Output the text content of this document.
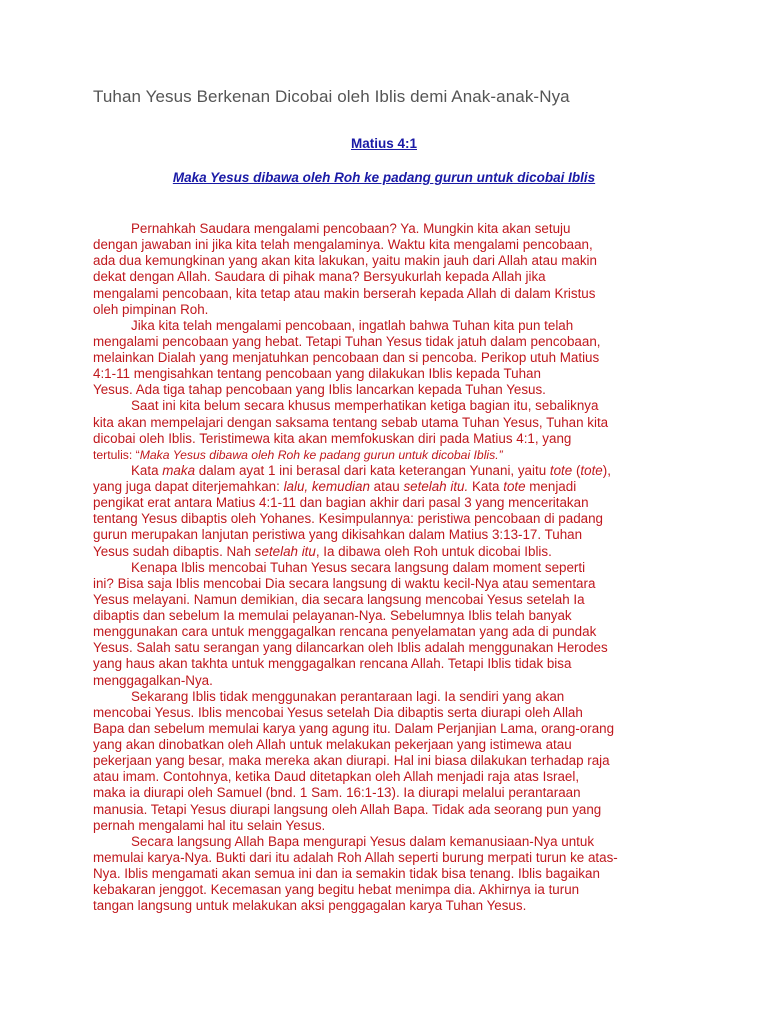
Tuhan Yesus Berkenan Dicobai oleh Iblis demi Anak-anak-Nya
Matius 4:1
Maka Yesus dibawa oleh Roh ke padang gurun untuk dicobai Iblis
Pernahkah Saudara mengalami pencobaan? Ya. Mungkin kita akan setuju
dengan jawaban ini jika kita telah mengalaminya. Waktu kita mengalami pencobaan,
ada dua kemungkinan yang akan kita lakukan, yaitu makin jauh dari Allah atau makin
dekat dengan Allah. Saudara di pihak mana? Bersyukurlah kepada Allah jika
mengalami pencobaan, kita tetap atau makin berserah kepada Allah di dalam Kristus
oleh pimpinan Roh.
Jika kita telah mengalami pencobaan, ingatlah bahwa Tuhan kita pun telah
mengalami pencobaan yang hebat. Tetapi Tuhan Yesus tidak jatuh dalam pencobaan,
melainkan Dialah yang menjatuhkan pencobaan dan si pencoba. Perikop utuh Matius
4:1-11 mengisahkan tentang pencobaan yang dilakukan Iblis kepada Tuhan
Yesus. Ada tiga tahap pencobaan yang Iblis lancarkan kepada Tuhan Yesus.
Saat ini kita belum secara khusus memperhatikan ketiga bagian itu, sebaliknya
kita akan mempelajari dengan saksama tentang sebab utama Tuhan Yesus, Tuhan kita
dicobai oleh Iblis. Teristimewa kita akan memfokuskan diri pada Matius 4:1, yang
tertulis: “Maka Yesus dibawa oleh Roh ke padang gurun untuk dicobai Iblis.”
Kata maka dalam ayat 1 ini berasal dari kata keterangan Yunani, yaitu tote (tote),
yang juga dapat diterjemahkan: lalu, kemudian atau setelah itu. Kata tote menjadi
pengikat erat antara Matius 4:1-11 dan bagian akhir dari pasal 3 yang menceritakan
tentang Yesus dibaptis oleh Yohanes. Kesimpulannya: peristiwa pencobaan di padang
gurun merupakan lanjutan peristiwa yang dikisahkan dalam Matius 3:13-17. Tuhan
Yesus sudah dibaptis. Nah setelah itu, Ia dibawa oleh Roh untuk dicobai Iblis.
Kenapa Iblis mencobai Tuhan Yesus secara langsung dalam moment seperti
ini? Bisa saja Iblis mencobai Dia secara langsung di waktu kecil-Nya atau sementara
Yesus melayani. Namun demikian, dia secara langsung mencobai Yesus setelah Ia
dibaptis dan sebelum Ia memulai pelayanan-Nya. Sebelumnya Iblis telah banyak
menggunakan cara untuk menggagalkan rencana penyelamatan yang ada di pundak
Yesus. Salah satu serangan yang dilancarkan oleh Iblis adalah menggunakan Herodes
yang haus akan takhta untuk menggagalkan rencana Allah. Tetapi Iblis tidak bisa
menggagalkan-Nya.
Sekarang Iblis tidak menggunakan perantaraan lagi. Ia sendiri yang akan
mencobai Yesus. Iblis mencobai Yesus setelah Dia dibaptis serta diurapi oleh Allah
Bapa dan sebelum memulai karya yang agung itu. Dalam Perjanjian Lama, orang-orang
yang akan dinobatkan oleh Allah untuk melakukan pekerjaan yang istimewa atau
pekerjaan yang besar, maka mereka akan diurapi. Hal ini biasa dilakukan terhadap raja
atau imam. Contohnya, ketika Daud ditetapkan oleh Allah menjadi raja atas Israel,
maka ia diurapi oleh Samuel (bnd. 1 Sam. 16:1-13). Ia diurapi melalui perantaraan
manusia. Tetapi Yesus diurapi langsung oleh Allah Bapa. Tidak ada seorang pun yang
pernah mengalami hal itu selain Yesus.
Secara langsung Allah Bapa mengurapi Yesus dalam kemanusiaan-Nya untuk
memulai karya-Nya. Bukti dari itu adalah Roh Allah seperti burung merpati turun ke atas-
Nya. Iblis mengamati akan semua ini dan ia semakin tidak bisa tenang. Iblis bagaikan
kebakaran jenggot. Kecemasan yang begitu hebat menimpa dia. Akhirnya ia turun
tangan langsung untuk melakukan aksi penggagalan karya Tuhan Yesus.
